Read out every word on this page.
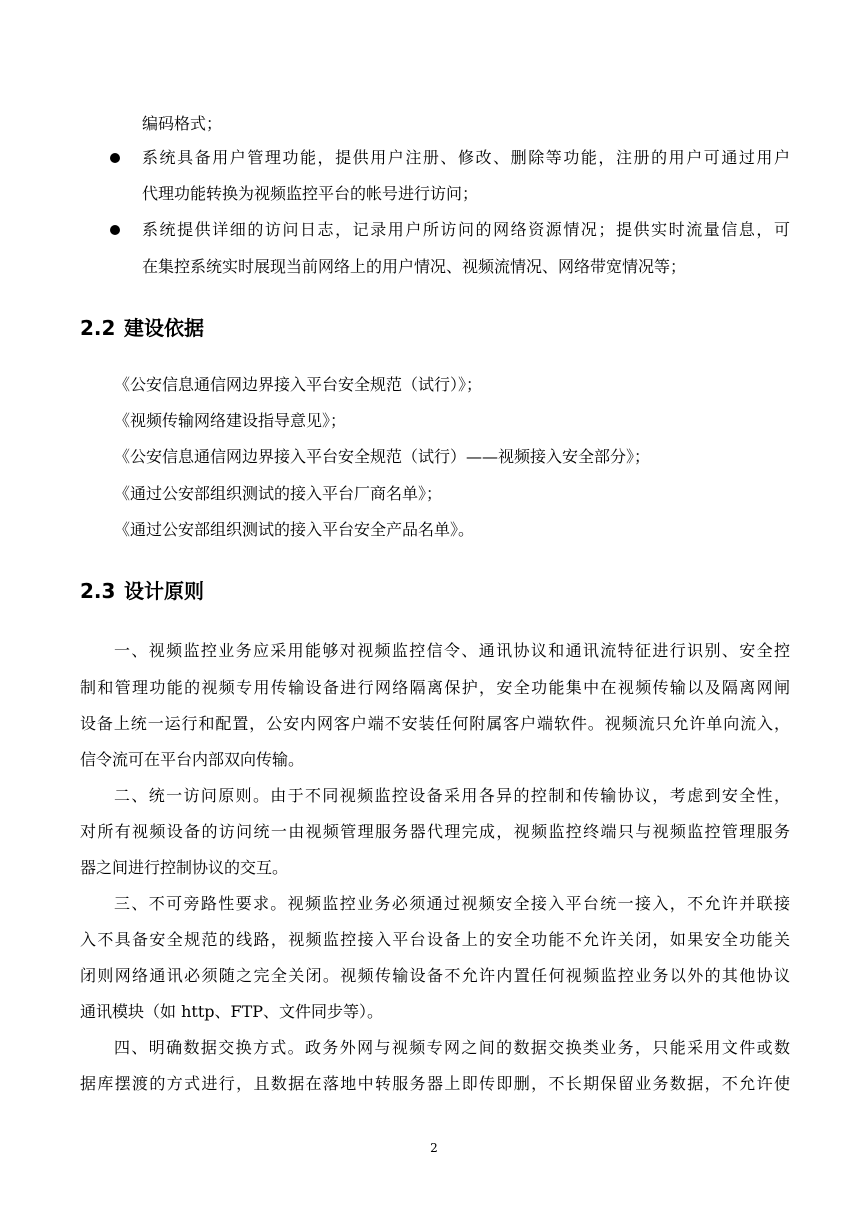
编码格式；

系统具备用户管理功能，提供用户注册、修改、删除等功能，注册的用户可通过用户

代理功能转换为视频监控平台的帐号进行访问；

系统提供详细的访问日志，记录用户所访问的网络资源情况；提供实时流量信息，可

在集控系统实时展现当前网络上的用户情况、视频流情况、网络带宽情况等；

2.2 建设依据

《公安信息通信网边界接入平台安全规范（试行）》；

《视频传输网络建设指导意见》；

《公安信息通信网边界接入平台安全规范（试行）——视频接入安全部分》；

《通过公安部组织测试的接入平台厂商名单》；

《通过公安部组织测试的接入平台安全产品名单》。

2.3 设计原则

一、视频监控业务应采用能够对视频监控信令、通讯协议和通讯流特征进行识别、安全控

制和管理功能的视频专用传输设备进行网络隔离保护，安全功能集中在视频传输以及隔离网闸

设备上统一运行和配置，公安内网客户端不安装任何附属客户端软件。视频流只允许单向流入，

信令流可在平台内部双向传输。

二、统一访问原则。由于不同视频监控设备采用各异的控制和传输协议，考虑到安全性，

对所有视频设备的访问统一由视频管理服务器代理完成，视频监控终端只与视频监控管理服务

器之间进行控制协议的交互。

三、不可旁路性要求。视频监控业务必须通过视频安全接入平台统一接入，不允许并联接

入不具备安全规范的线路，视频监控接入平台设备上的安全功能不允许关闭，如果安全功能关

闭则网络通讯必须随之完全关闭。视频传输设备不允许内置任何视频监控业务以外的其他协议

通讯模块（如 http、FTP、文件同步等）。

四、明确数据交换方式。政务外网与视频专网之间的数据交换类业务，只能采用文件或数

据库摆渡的方式进行，且数据在落地中转服务器上即传即删，不长期保留业务数据，不允许使

2
